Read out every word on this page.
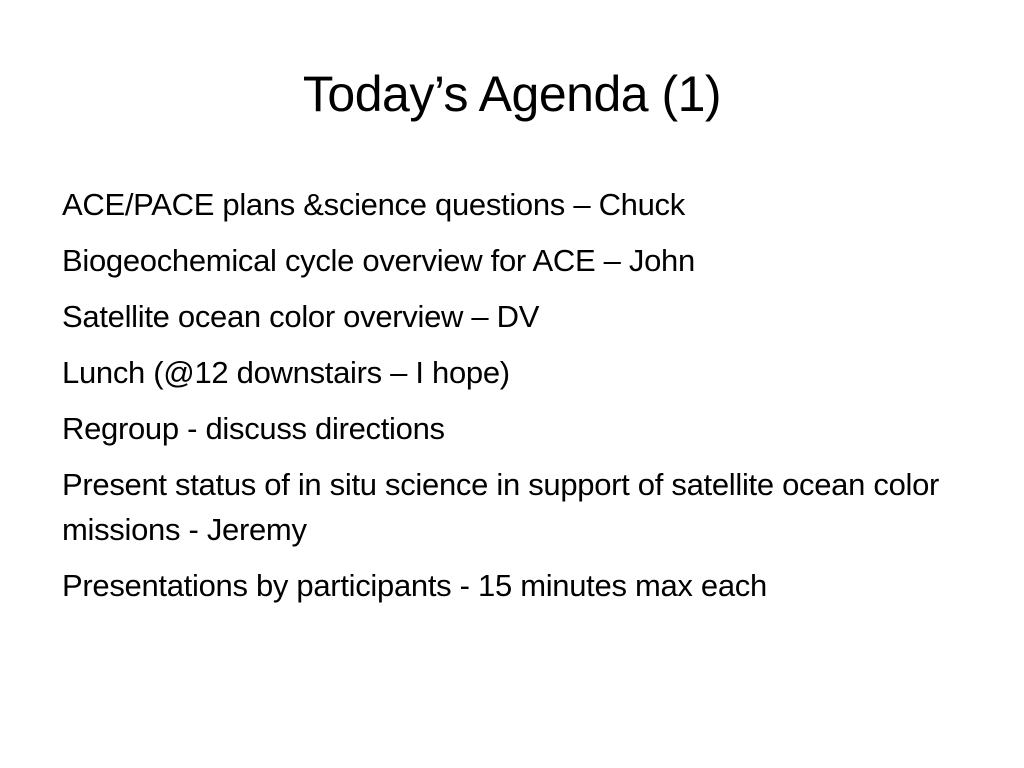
Today’s Agenda (1)
ACE/PACE plans &science questions – Chuck
Biogeochemical cycle overview for ACE – John
Satellite ocean color overview – DV
Lunch (@12 downstairs – I hope)
Regroup - discuss directions
Present status of in situ science in support of satellite ocean color missions - Jeremy
Presentations by participants - 15 minutes max each
